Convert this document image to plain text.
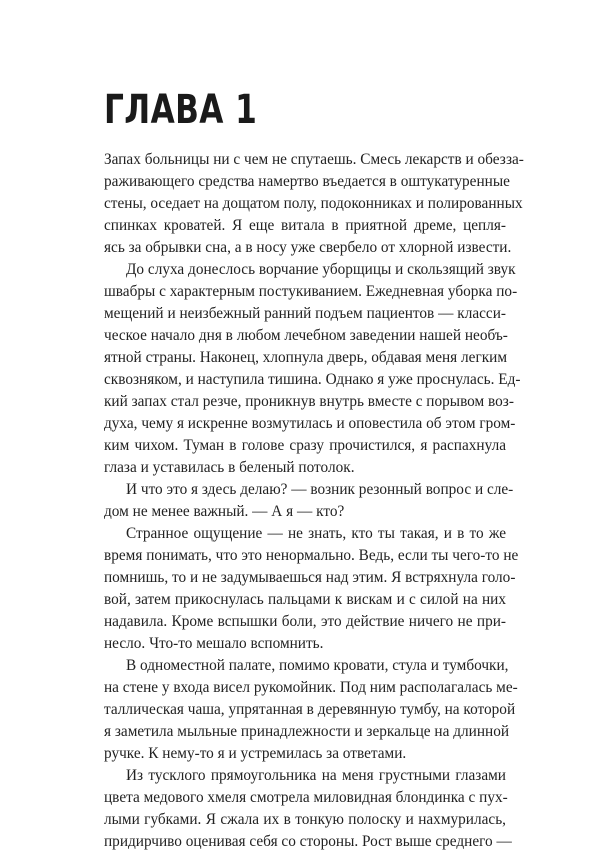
ГЛАВА 1
Запах больницы ни с чем не спутаешь. Смесь лекарств и обезза-
раживающего средства намертво въедается в оштукатуренные
стены, оседает на дощатом полу, подоконниках и полированных
спинках кроватей. Я еще витала в приятной дреме, цепля-
ясь за обрывки сна, а в носу уже свербело от хлорной извести.
До слуха донеслось ворчание уборщицы и скользящий звук
швабры с характерным постукиванием. Ежедневная уборка по-
мещений и неизбежный ранний подъем пациентов — класси-
ческое начало дня в любом лечебном заведении нашей необъ-
ятной страны. Наконец, хлопнула дверь, обдавая меня легким
сквозняком, и наступила тишина. Однако я уже проснулась. Ед-
кий запах стал резче, проникнув внутрь вместе с порывом воз-
духа, чему я искренне возмутилась и оповестила об этом гром-
ким чихом. Туман в голове сразу прочистился, я распахнула
глаза и уставилась в беленый потолок.
И что это я здесь делаю? — возник резонный вопрос и сле-
дом не менее важный. — А я — кто?
Странное ощущение — не знать, кто ты такая, и в то же
время понимать, что это ненормально. Ведь, если ты чего-то не
помнишь, то и не задумываешься над этим. Я встряхнула голо-
вой, затем прикоснулась пальцами к вискам и с силой на них
надавила. Кроме вспышки боли, это действие ничего не при-
несло. Что-то мешало вспомнить.
В одноместной палате, помимо кровати, стула и тумбочки,
на стене у входа висел рукомойник. Под ним располагалась ме-
таллическая чаша, упрятанная в деревянную тумбу, на которой
я заметила мыльные принадлежности и зеркальце на длинной
ручке. К нему-то я и устремилась за ответами.
Из тусклого прямоугольника на меня грустными глазами
цвета медового хмеля смотрела миловидная блондинка с пух-
лыми губками. Я сжала их в тонкую полоску и нахмурилась,
придирчиво оценивая себя со стороны. Рост выше среднего —
